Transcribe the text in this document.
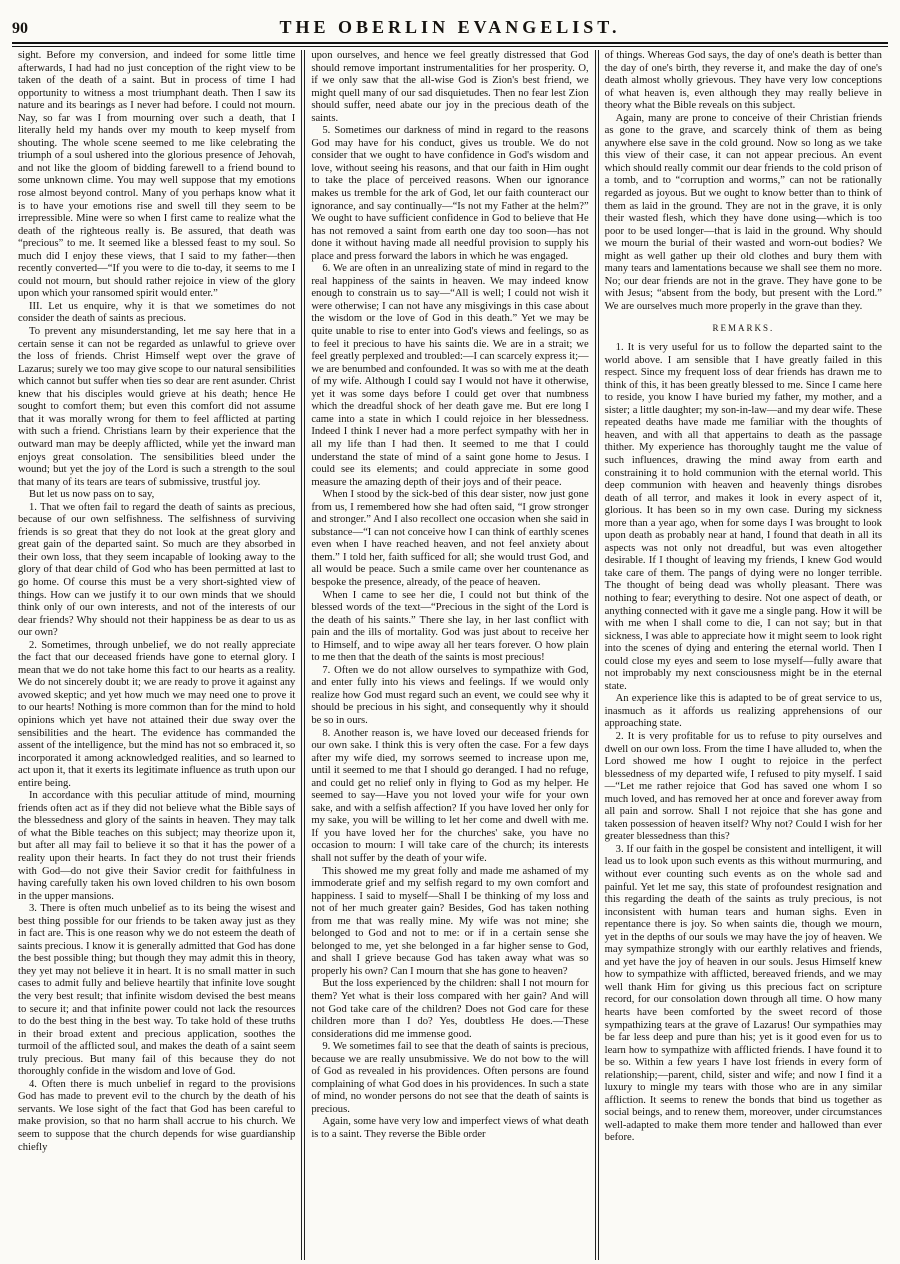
90	THE OBERLIN EVANGELIST.

sight. Before my conversion, and indeed for some little time afterwards, I had had no just conception of the right view to be taken of the death of a saint. But in process of time I had opportunity to witness a most triumphant death. Then I saw its nature and its bearings as I never had before. I could not mourn. Nay, so far was I from mourning over such a death, that I literally held my hands over my mouth to keep myself from shouting. The whole scene seemed to me like celebrating the triumph of a soul ushered into the glorious presence of Jehovah, and not like the gloom of bidding farewell to a friend bound to some unknown clime. You may well suppose that my emotions rose almost beyond control. Many of you perhaps know what it is to have your emotions rise and swell till they seem to be irrepressible. Mine were so when I first came to realize what the death of the righteous really is. Be assured, that death was “precious” to me. It seemed like a blessed feast to my soul. So much did I enjoy these views, that I said to my father—then recently converted—“If you were to die to-day, it seems to me I could not mourn, but should rather rejoice in view of the glory upon which your ransomed spirit would enter.”

III. Let us enquire, why it is that we sometimes do not consider the death of saints as precious.

To prevent any misunderstanding, let me say here that in a certain sense it can not be regarded as unlawful to grieve over the loss of friends. Christ Himself wept over the grave of Lazarus; surely we too may give scope to our natural sensibilities which cannot but suffer when ties so dear are rent asunder. Christ knew that his disciples would grieve at his death; hence He sought to comfort them; but even this comfort did not assume that it was morally wrong for them to feel afflicted at parting with such a friend. Christians learn by their experience that the outward man may be deeply afflicted, while yet the inward man enjoys great consolation. The sensibilities bleed under the wound; but yet the joy of the Lord is such a strength to the soul that many of its tears are tears of submissive, trustful joy.

But let us now pass on to say,

1. That we often fail to regard the death of saints as precious, because of our own selfishness. The selfishness of surviving friends is so great that they do not look at the great glory and great gain of the departed saint. So much are they absorbed in their own loss, that they seem incapable of looking away to the glory of that dear child of God who has been permitted at last to go home. Of course this must be a very short-sighted view of things. How can we justify it to our own minds that we should think only of our own interests, and not of the interests of our dear friends? Why should not their happiness be as dear to us as our own?

2. Sometimes, through unbelief, we do not really appreciate the fact that our deceased friends have gone to eternal glory. I mean that we do not take home this fact to our hearts as a reality. We do not sincerely doubt it; we are ready to prove it against any avowed skeptic; and yet how much we may need one to prove it to our hearts! Nothing is more common than for the mind to hold opinions which yet have not attained their due sway over the sensibilities and the heart. The evidence has commanded the assent of the intelligence, but the mind has not so embraced it, so incorporated it among acknowledged realities, and so learned to act upon it, that it exerts its legitimate influence as truth upon our entire being.

In accordance with this peculiar attitude of mind, mourning friends often act as if they did not believe what the Bible says of the blessedness and glory of the saints in heaven. They may talk of what the Bible teaches on this subject; may theorize upon it, but after all may fail to believe it so that it has the power of a reality upon their hearts. In fact they do not trust their friends with God—do not give their Savior credit for faithfulness in having carefully taken his own loved children to his own bosom in the upper mansions.

3. There is often much unbelief as to its being the wisest and best thing possible for our friends to be taken away just as they in fact are. This is one reason why we do not esteem the death of saints precious. I know it is generally admitted that God has done the best possible thing; but though they may admit this in theory, they yet may not believe it in heart. It is no small matter in such cases to admit fully and believe heartily that infinite love sought the very best result; that infinite wisdom devised the best means to secure it; and that infinite power could not lack the resources to do the best thing in the best way. To take hold of these truths in their broad extent and precious application, soothes the turmoil of the afflicted soul, and makes the death of a saint seem truly precious. But many fail of this because they do not thoroughly confide in the wisdom and love of God.

4. Often there is much unbelief in regard to the provisions God has made to prevent evil to the church by the death of his servants. We lose sight of the fact that God has been careful to make provision, so that no harm shall accrue to his church. We seem to suppose that the church depends for wise guardianship chiefly

upon ourselves, and hence we feel greatly distressed that God should remove important instrumentalities for her prosperity. O, if we only saw that the all-wise God is Zion's best friend, we might quell many of our sad disquietudes. Then no fear lest Zion should suffer, need abate our joy in the precious death of the saints.

5. Sometimes our darkness of mind in regard to the reasons God may have for his conduct, gives us trouble. We do not consider that we ought to have confidence in God's wisdom and love, without seeing his reasons, and that our faith in Him ought to take the place of perceived reasons. When our ignorance makes us tremble for the ark of God, let our faith counteract our ignorance, and say continually—“Is not my Father at the helm?” We ought to have sufficient confidence in God to believe that He has not removed a saint from earth one day too soon—has not done it without having made all needful provision to supply his place and press forward the labors in which he was engaged.

6. We are often in an unrealizing state of mind in regard to the real happiness of the saints in heaven. We may indeed know enough to constrain us to say—“All is well; I could not wish it were otherwise; I can not have any misgivings in this case about the wisdom or the love of God in this death.” Yet we may be quite unable to rise to enter into God's views and feelings, so as to feel it precious to have his saints die. We are in a strait; we feel greatly perplexed and troubled:—I can scarcely express it;—we are benumbed and confounded. It was so with me at the death of my wife. Although I could say I would not have it otherwise, yet it was some days before I could get over that numbness which the dreadful shock of her death gave me. But ere long I came into a state in which I could rejoice in her blessedness. Indeed I think I never had a more perfect sympathy with her in all my life than I had then. It seemed to me that I could understand the state of mind of a saint gone home to Jesus. I could see its elements; and could appreciate in some good measure the amazing depth of their joys and of their peace.

When I stood by the sick-bed of this dear sister, now just gone from us, I remembered how she had often said, “I grow stronger and stronger.” And I also recollect one occasion when she said in substance—“I can not conceive how I can think of earthly scenes even when I have reached heaven, and not feel anxiety about them.” I told her, faith sufficed for all; she would trust God, and all would be peace. Such a smile came over her countenance as bespoke the presence, already, of the peace of heaven.

When I came to see her die, I could not but think of the blessed words of the text—“Precious in the sight of the Lord is the death of his saints.” There she lay, in her last conflict with pain and the ills of mortality. God was just about to receive her to Himself, and to wipe away all her tears forever. O how plain to me then that the death of the saints is most precious!

7. Often we do not allow ourselves to sympathize with God, and enter fully into his views and feelings. If we would only realize how God must regard such an event, we could see why it should be precious in his sight, and consequently why it should be so in ours.

8. Another reason is, we have loved our deceased friends for our own sake. I think this is very often the case. For a few days after my wife died, my sorrows seemed to increase upon me, until it seemed to me that I should go deranged. I had no refuge, and could get no relief only in flying to God as my helper. He seemed to say—Have you not loved your wife for your own sake, and with a selfish affection? If you have loved her only for my sake, you will be willing to let her come and dwell with me. If you have loved her for the churches' sake, you have no occasion to mourn: I will take care of the church; its interests shall not suffer by the death of your wife.

This showed me my great folly and made me ashamed of my immoderate grief and my selfish regard to my own comfort and happiness. I said to myself—Shall I be thinking of my loss and not of her much greater gain? Besides, God has taken nothing from me that was really mine. My wife was not mine; she belonged to God and not to me: or if in a certain sense she belonged to me, yet she belonged in a far higher sense to God, and shall I grieve because God has taken away what was so properly his own? Can I mourn that she has gone to heaven?

But the loss experienced by the children: shall I not mourn for them? Yet what is their loss compared with her gain? And will not God take care of the children? Does not God care for these children more than I do? Yes, doubtless He does.—These considerations did me immense good.

9. We sometimes fail to see that the death of saints is precious, because we are really unsubmissive. We do not bow to the will of God as revealed in his providences. Often persons are found complaining of what God does in his providences. In such a state of mind, no wonder persons do not see that the death of saints is precious.

Again, some have very low and imperfect views of what death is to a saint. They reverse the Bible order

of things. Whereas God says, the day of one's death is better than the day of one's birth, they reverse it, and make the day of one's death almost wholly grievous. They have very low conceptions of what heaven is, even although they may really believe in theory what the Bible reveals on this subject.

Again, many are prone to conceive of their Christian friends as gone to the grave, and scarcely think of them as being anywhere else save in the cold ground. Now so long as we take this view of their case, it can not appear precious. An event which should really commit our dear friends to the cold prison of a tomb, and to “corruption and worms,” can not be rationally regarded as joyous. But we ought to know better than to think of them as laid in the ground. They are not in the grave, it is only their wasted flesh, which they have done using—which is too poor to be used longer—that is laid in the ground. Why should we mourn the burial of their wasted and worn-out bodies? We might as well gather up their old clothes and bury them with many tears and lamentations because we shall see them no more. No; our dear friends are not in the grave. They have gone to be with Jesus; “absent from the body, but present with the Lord.” We are ourselves much more properly in the grave than they.

REMARKS.

1. It is very useful for us to follow the departed saint to the world above. I am sensible that I have greatly failed in this respect. Since my frequent loss of dear friends has drawn me to think of this, it has been greatly blessed to me. Since I came here to reside, you know I have buried my father, my mother, and a sister; a little daughter; my son-in-law—and my dear wife. These repeated deaths have made me familiar with the thoughts of heaven, and with all that appertains to death as the passage thither. My experience has thoroughly taught me the value of such influences, drawing the mind away from earth and constraining it to hold communion with the eternal world. This deep communion with heaven and heavenly things disrobes death of all terror, and makes it look in every aspect of it, glorious. It has been so in my own case. During my sickness more than a year ago, when for some days I was brought to look upon death as probably near at hand, I found that death in all its aspects was not only not dreadful, but was even altogether desirable. If I thought of leaving my friends, I knew God would take care of them. The pangs of dying were no longer terrible. The thought of being dead was wholly pleasant. There was nothing to fear; everything to desire. Not one aspect of death, or anything connected with it gave me a single pang. How it will be with me when I shall come to die, I can not say; but in that sickness, I was able to appreciate how it might seem to look right into the scenes of dying and entering the eternal world. Then I could close my eyes and seem to lose myself—fully aware that not improbably my next consciousness might be in the eternal state.

An experience like this is adapted to be of great service to us, inasmuch as it affords us realizing apprehensions of our approaching state.

2. It is very profitable for us to refuse to pity ourselves and dwell on our own loss. From the time I have alluded to, when the Lord showed me how I ought to rejoice in the perfect blessedness of my departed wife, I refused to pity myself. I said—“Let me rather rejoice that God has saved one whom I so much loved, and has removed her at once and forever away from all pain and sorrow. Shall I not rejoice that she has gone and taken possession of heaven itself? Why not? Could I wish for her greater blessedness than this?

3. If our faith in the gospel be consistent and intelligent, it will lead us to look upon such events as this without murmuring, and without ever counting such events as on the whole sad and painful. Yet let me say, this state of profoundest resignation and this regarding the death of the saints as truly precious, is not inconsistent with human tears and human sighs. Even in repentance there is joy. So when saints die, though we mourn, yet in the depths of our souls we may have the joy of heaven. We may sympathize strongly with our earthly relatives and friends, and yet have the joy of heaven in our souls. Jesus Himself knew how to sympathize with afflicted, bereaved friends, and we may well thank Him for giving us this precious fact on scripture record, for our consolation down through all time. O how many hearts have been comforted by the sweet record of those sympathizing tears at the grave of Lazarus! Our sympathies may be far less deep and pure than his; yet is it good even for us to learn how to sympathize with afflicted friends. I have found it to be so. Within a few years I have lost friends in every form of relationship;—parent, child, sister and wife; and now I find it a luxury to mingle my tears with those who are in any similar affliction. It seems to renew the bonds that bind us together as social beings, and to renew them, moreover, under circumstances well-adapted to make them more tender and hallowed than ever before.
